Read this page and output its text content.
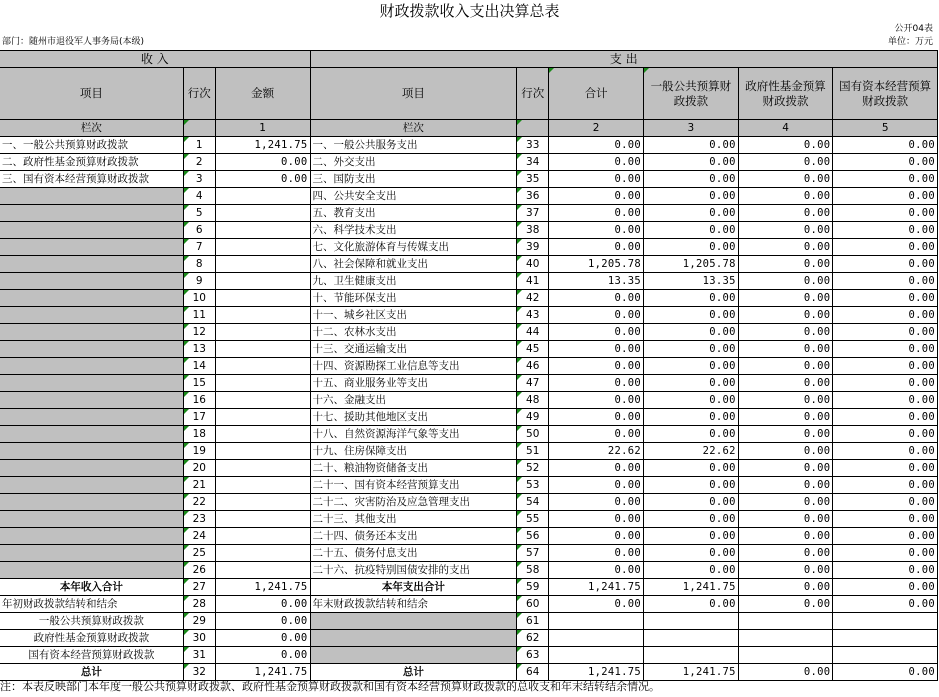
财政拨款收入支出决算总表
公开04表
部门：随州市退役军人事务局(本级)	单位：万元
收 入			支 出					
项目	行次	金额	项目	行次	合计	一般公共预算财政拨款	政府性基金预算财政拨款	国有资本经营预算财政拨款
栏次		1	栏次		2	3	4	5
一、一般公共预算财政拨款	1	1,241.75	一、一般公共服务支出	33	0.00	0.00	0.00	0.00
二、政府性基金预算财政拨款	2	0.00	二、外交支出	34	0.00	0.00	0.00	0.00
三、国有资本经营预算财政拨款	3	0.00	三、国防支出	35	0.00	0.00	0.00	0.00
	4		四、公共安全支出	36	0.00	0.00	0.00	0.00
	5		五、教育支出	37	0.00	0.00	0.00	0.00
	6		六、科学技术支出	38	0.00	0.00	0.00	0.00
	7		七、文化旅游体育与传媒支出	39	0.00	0.00	0.00	0.00
	8		八、社会保障和就业支出	40	1,205.78	1,205.78	0.00	0.00
	9		九、卫生健康支出	41	13.35	13.35	0.00	0.00
	10		十、节能环保支出	42	0.00	0.00	0.00	0.00
	11		十一、城乡社区支出	43	0.00	0.00	0.00	0.00
	12		十二、农林水支出	44	0.00	0.00	0.00	0.00
	13		十三、交通运输支出	45	0.00	0.00	0.00	0.00
	14		十四、资源勘探工业信息等支出	46	0.00	0.00	0.00	0.00
	15		十五、商业服务业等支出	47	0.00	0.00	0.00	0.00
	16		十六、金融支出	48	0.00	0.00	0.00	0.00
	17		十七、援助其他地区支出	49	0.00	0.00	0.00	0.00
	18		十八、自然资源海洋气象等支出	50	0.00	0.00	0.00	0.00
	19		十九、住房保障支出	51	22.62	22.62	0.00	0.00
	20		二十、粮油物资储备支出	52	0.00	0.00	0.00	0.00
	21		二十一、国有资本经营预算支出	53	0.00	0.00	0.00	0.00
	22		二十二、灾害防治及应急管理支出	54	0.00	0.00	0.00	0.00
	23		二十三、其他支出	55	0.00	0.00	0.00	0.00
	24		二十四、债务还本支出	56	0.00	0.00	0.00	0.00
	25		二十五、债务付息支出	57	0.00	0.00	0.00	0.00
	26		二十六、抗疫特别国债安排的支出	58	0.00	0.00	0.00	0.00
本年收入合计	27	1,241.75	本年支出合计	59	1,241.75	1,241.75	0.00	0.00
年初财政拨款结转和结余	28	0.00	年末财政拨款结转和结余	60	0.00	0.00	0.00	0.00
一般公共预算财政拨款	29	0.00		61				
政府性基金预算财政拨款	30	0.00		62				
国有资本经营预算财政拨款	31	0.00		63				
总计	32	1,241.75	总计	64	1,241.75	1,241.75	0.00	0.00
注：本表反映部门本年度一般公共预算财政拨款、政府性基金预算财政拨款和国有资本经营预算财政拨款的总收支和年末结转结余情况。
